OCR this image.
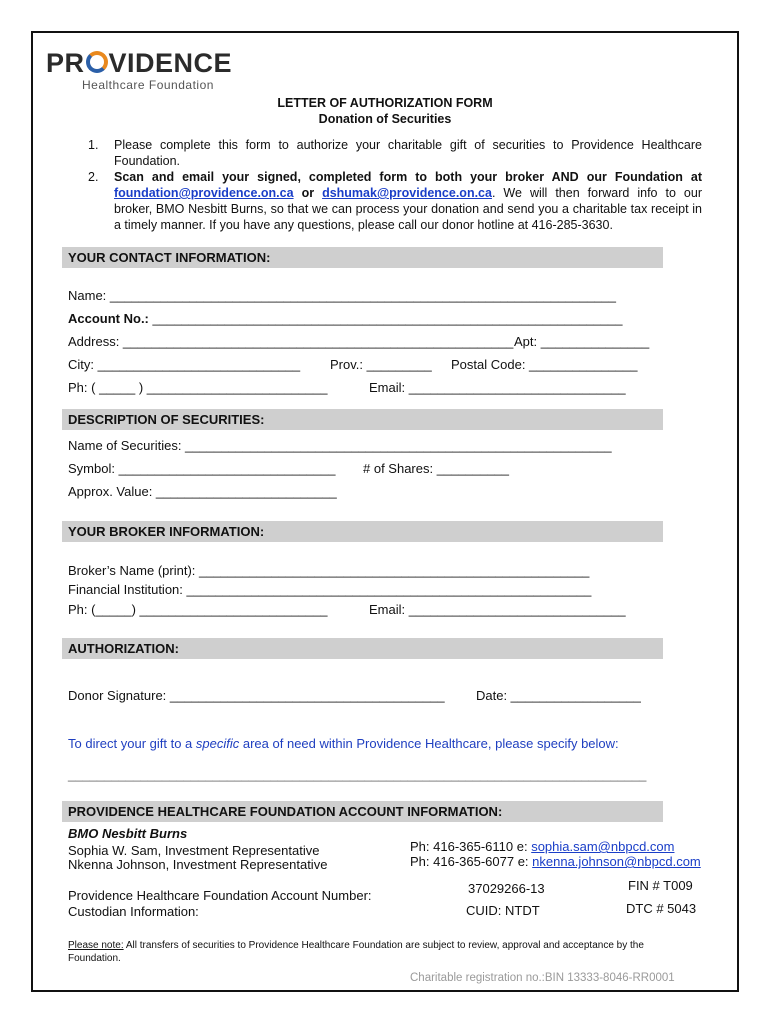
PR VIDENCE
Healthcare Foundation
LETTER OF AUTHORIZATION FORM
Donation of Securities
1. Please complete this form to authorize your charitable gift of securities to Providence Healthcare Foundation.
2. Scan and email your signed, completed form to both your broker AND our Foundation at foundation@providence.on.ca or dshumak@providence.on.ca. We will then forward info to our broker, BMO Nesbitt Burns, so that we can process your donation and send you a charitable tax receipt in a timely manner. If you have any questions, please call our donor hotline at 416-285-3630.
YOUR CONTACT INFORMATION:
Name: ______________________________________________________________________
Account No.: _________________________________________________________________
Address: ______________________________________________________ Apt: _______________
City: ____________________________ Prov.: _________ Postal Code: _______________
Ph: ( _____ ) _________________________	Email: ______________________________
DESCRIPTION OF SECURITIES:
Name of Securities: ___________________________________________________________
Symbol: ______________________________ # of Shares: __________
Approx. Value: _________________________
YOUR BROKER INFORMATION:
Broker’s Name (print): ______________________________________________________
Financial Institution: ________________________________________________________
Ph: (_____) __________________________	Email: ______________________________
AUTHORIZATION:
Donor Signature: ______________________________________ Date: __________________
To direct your gift to a specific area of need within Providence Healthcare, please specify below:
________________________________________________________________________________
PROVIDENCE HEALTHCARE FOUNDATION ACCOUNT INFORMATION:
BMO Nesbitt Burns
Sophia W. Sam, Investment Representative
Nkenna Johnson, Investment Representative
Ph: 416-365-6110 e: sophia.sam@nbpcd.com
Ph: 416-365-6077 e: nkenna.johnson@nbpcd.com
Providence Healthcare Foundation Account Number:	37029266-13	FIN # T009
Custodian Information:	CUID: NTDT	DTC # 5043
Please note: All transfers of securities to Providence Healthcare Foundation are subject to review, approval and acceptance by the Foundation.
Charitable registration no.:BIN 13333-8046-RR0001
